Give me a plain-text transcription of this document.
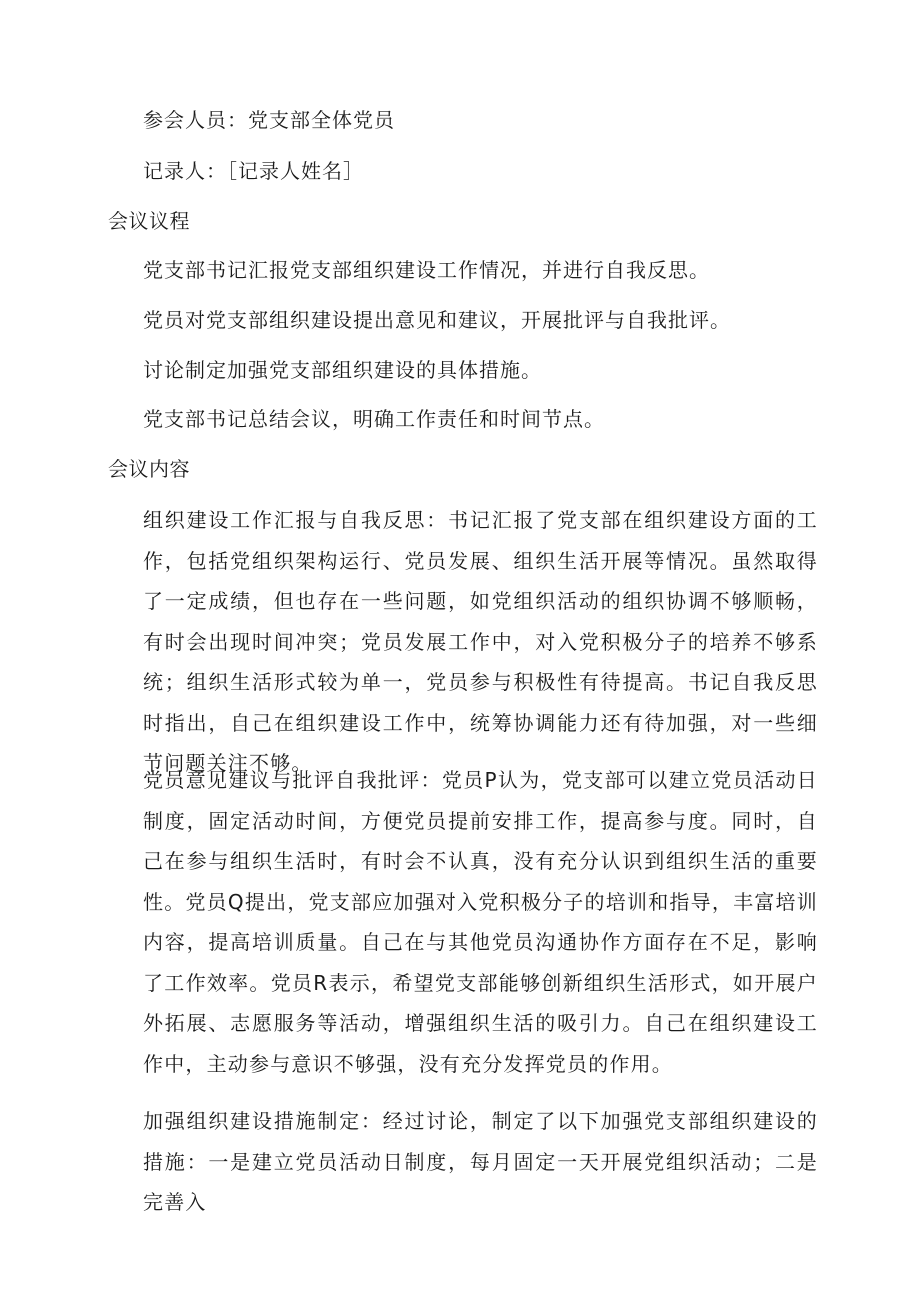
参会人员：党支部全体党员
记录人：［记录人姓名］
会议议程
党支部书记汇报党支部组织建设工作情况，并进行自我反思。
党员对党支部组织建设提出意见和建议，开展批评与自我批评。
讨论制定加强党支部组织建设的具体措施。
党支部书记总结会议，明确工作责任和时间节点。
会议内容
组织建设工作汇报与自我反思：书记汇报了党支部在组织建设方面的工作，包括党组织架构运行、党员发展、组织生活开展等情况。虽然取得了一定成绩，但也存在一些问题，如党组织活动的组织协调不够顺畅，有时会出现时间冲突；党员发展工作中，对入党积极分子的培养不够系统；组织生活形式较为单一，党员参与积极性有待提高。书记自我反思时指出，自己在组织建设工作中，统筹协调能力还有待加强，对一些细节问题关注不够。
党员意见建议与批评自我批评：党员P认为，党支部可以建立党员活动日制度，固定活动时间，方便党员提前安排工作，提高参与度。同时，自己在参与组织生活时，有时会不认真，没有充分认识到组织生活的重要性。党员Q提出，党支部应加强对入党积极分子的培训和指导，丰富培训内容，提高培训质量。自己在与其他党员沟通协作方面存在不足，影响了工作效率。党员R表示，希望党支部能够创新组织生活形式，如开展户外拓展、志愿服务等活动，增强组织生活的吸引力。自己在组织建设工作中，主动参与意识不够强，没有充分发挥党员的作用。
加强组织建设措施制定：经过讨论，制定了以下加强党支部组织建设的措施：一是建立党员活动日制度，每月固定一天开展党组织活动；二是完善入
